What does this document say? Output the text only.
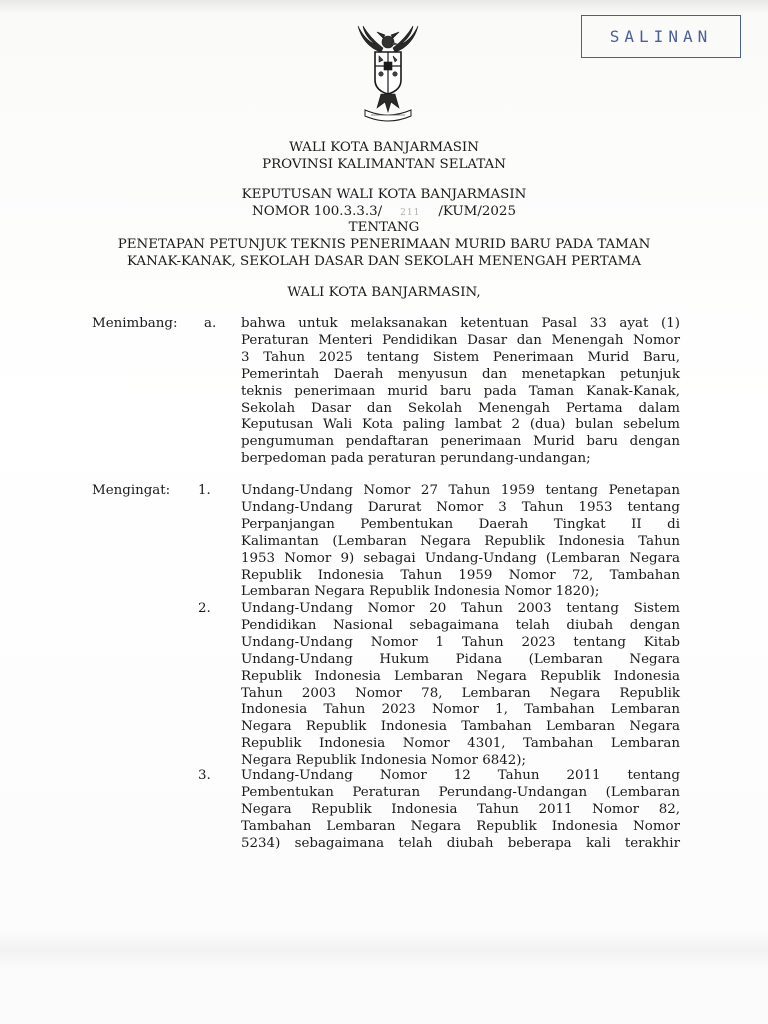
SALINAN
WALI KOTA BANJARMASIN
PROVINSI KALIMANTAN SELATAN
KEPUTUSAN WALI KOTA BANJARMASIN
NOMOR 100.3.3.3/ 211 /KUM/2025
TENTANG
PENETAPAN PETUNJUK TEKNIS PENERIMAAN MURID BARU PADA TAMAN
KANAK-KANAK, SEKOLAH DASAR DAN SEKOLAH MENENGAH PERTAMA
WALI KOTA BANJARMASIN,
Menimbang: a. bahwa untuk melaksanakan ketentuan Pasal 33 ayat (1)
Peraturan Menteri Pendidikan Dasar dan Menengah Nomor
3 Tahun 2025 tentang Sistem Penerimaan Murid Baru,
Pemerintah Daerah menyusun dan menetapkan petunjuk
teknis penerimaan murid baru pada Taman Kanak-Kanak,
Sekolah Dasar dan Sekolah Menengah Pertama dalam
Keputusan Wali Kota paling lambat 2 (dua) bulan sebelum
pengumuman pendaftaran penerimaan Murid baru dengan
berpedoman pada peraturan perundang-undangan;
Mengingat: 1. Undang-Undang Nomor 27 Tahun 1959 tentang Penetapan
Undang-Undang Darurat Nomor 3 Tahun 1953 tentang
Perpanjangan Pembentukan Daerah Tingkat II di
Kalimantan (Lembaran Negara Republik Indonesia Tahun
1953 Nomor 9) sebagai Undang-Undang (Lembaran Negara
Republik Indonesia Tahun 1959 Nomor 72, Tambahan
Lembaran Negara Republik Indonesia Nomor 1820);
2. Undang-Undang Nomor 20 Tahun 2003 tentang Sistem
Pendidikan Nasional sebagaimana telah diubah dengan
Undang-Undang Nomor 1 Tahun 2023 tentang Kitab
Undang-Undang Hukum Pidana (Lembaran Negara
Republik Indonesia Lembaran Negara Republik Indonesia
Tahun 2003 Nomor 78, Lembaran Negara Republik
Indonesia Tahun 2023 Nomor 1, Tambahan Lembaran
Negara Republik Indonesia Tambahan Lembaran Negara
Republik Indonesia Nomor 4301, Tambahan Lembaran
Negara Republik Indonesia Nomor 6842);
3. Undang-Undang Nomor 12 Tahun 2011 tentang
Pembentukan Peraturan Perundang-Undangan (Lembaran
Negara Republik Indonesia Tahun 2011 Nomor 82,
Tambahan Lembaran Negara Republik Indonesia Nomor
5234) sebagaimana telah diubah beberapa kali terakhir
